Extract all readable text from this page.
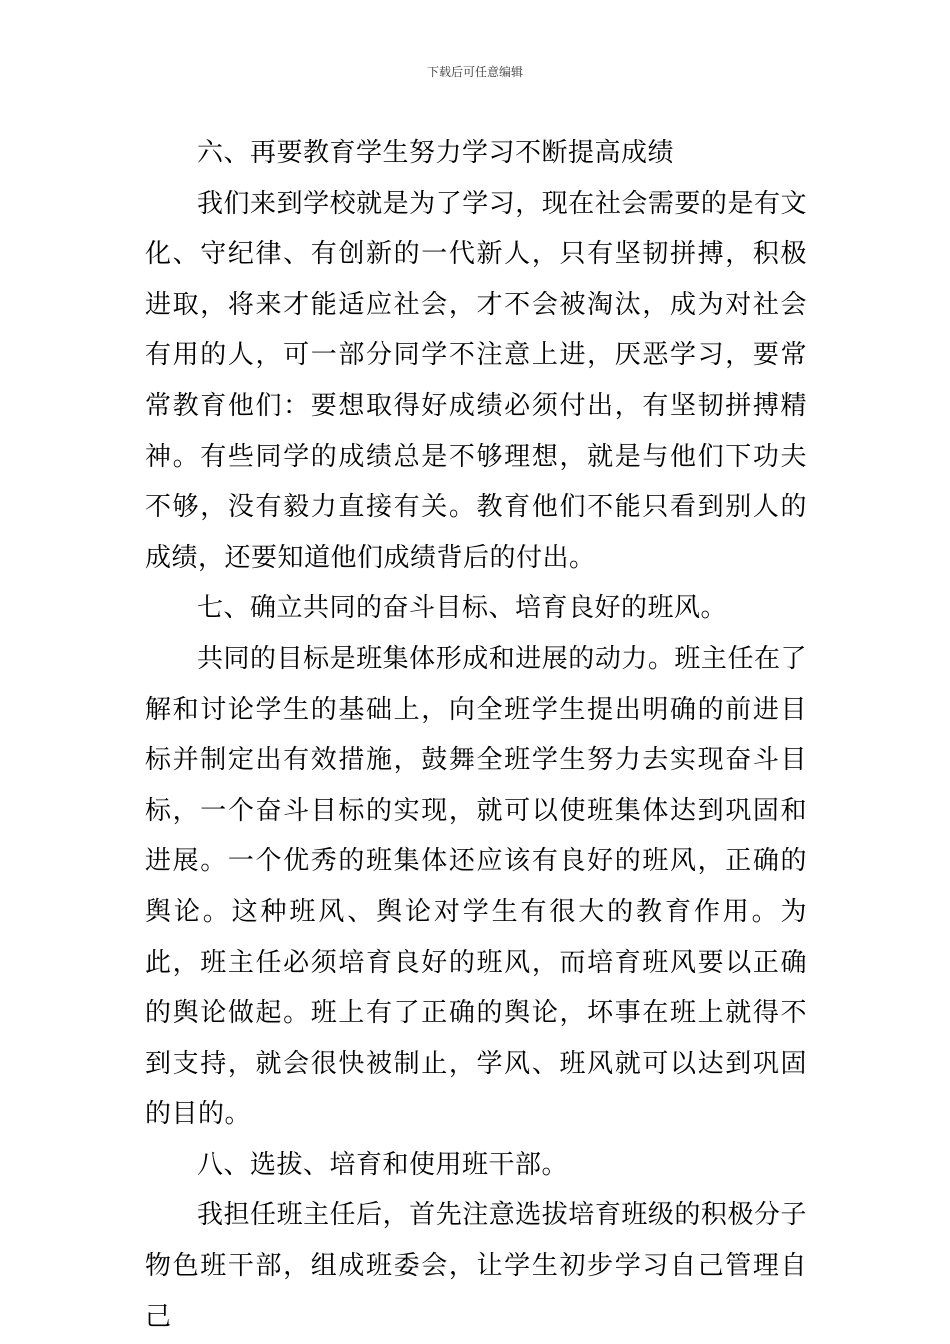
下载后可任意编辑

六、再要教育学生努力学习不断提高成绩

我们来到学校就是为了学习，现在社会需要的是有文化、守纪律、有创新的一代新人，只有坚韧拼搏，积极进取，将来才能适应社会，才不会被淘汰，成为对社会有用的人，可一部分同学不注意上进，厌恶学习，要常常教育他们：要想取得好成绩必须付出，有坚韧拼搏精神。有些同学的成绩总是不够理想，就是与他们下功夫不够，没有毅力直接有关。教育他们不能只看到别人的成绩，还要知道他们成绩背后的付出。

七、确立共同的奋斗目标、培育良好的班风。

共同的目标是班集体形成和进展的动力。班主任在了解和讨论学生的基础上，向全班学生提出明确的前进目标并制定出有效措施，鼓舞全班学生努力去实现奋斗目标，一个奋斗目标的实现，就可以使班集体达到巩固和进展。一个优秀的班集体还应该有良好的班风，正确的舆论。这种班风、舆论对学生有很大的教育作用。为此，班主任必须培育良好的班风，而培育班风要以正确的舆论做起。班上有了正确的舆论，坏事在班上就得不到支持，就会很快被制止，学风、班风就可以达到巩固的目的。

八、选拔、培育和使用班干部。

我担任班主任后，首先注意选拔培育班级的积极分子物色班干部，组成班委会，让学生初步学习自己管理自己
